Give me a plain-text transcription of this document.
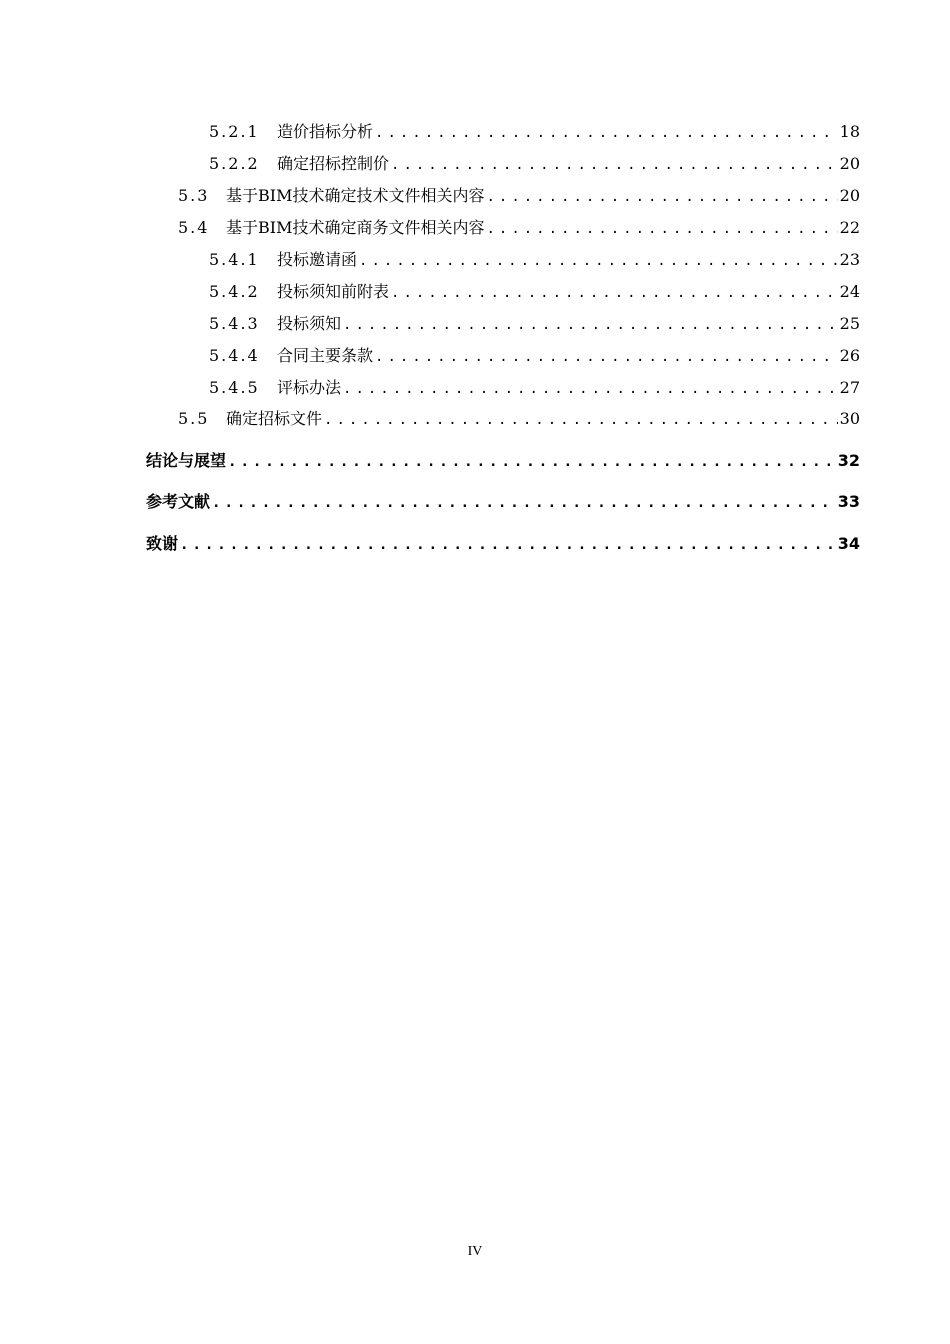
5.2.1	造价指标分析 .....	18
5.2.2	确定招标控制价 .....	20
5.3	基于BIM技术确定技术文件相关内容 .....	20
5.4	基于BIM技术确定商务文件相关内容 .....	22
5.4.1	投标邀请函 .....	23
5.4.2	投标须知前附表 .....	24
5.4.3	投标须知 .....	25
5.4.4	合同主要条款 .....	26
5.4.5	评标办法 .....	27
5.5	确定招标文件 .....	30
结论与展望 .....	32
参考文献 .....	33
致谢 .....	34
IV
